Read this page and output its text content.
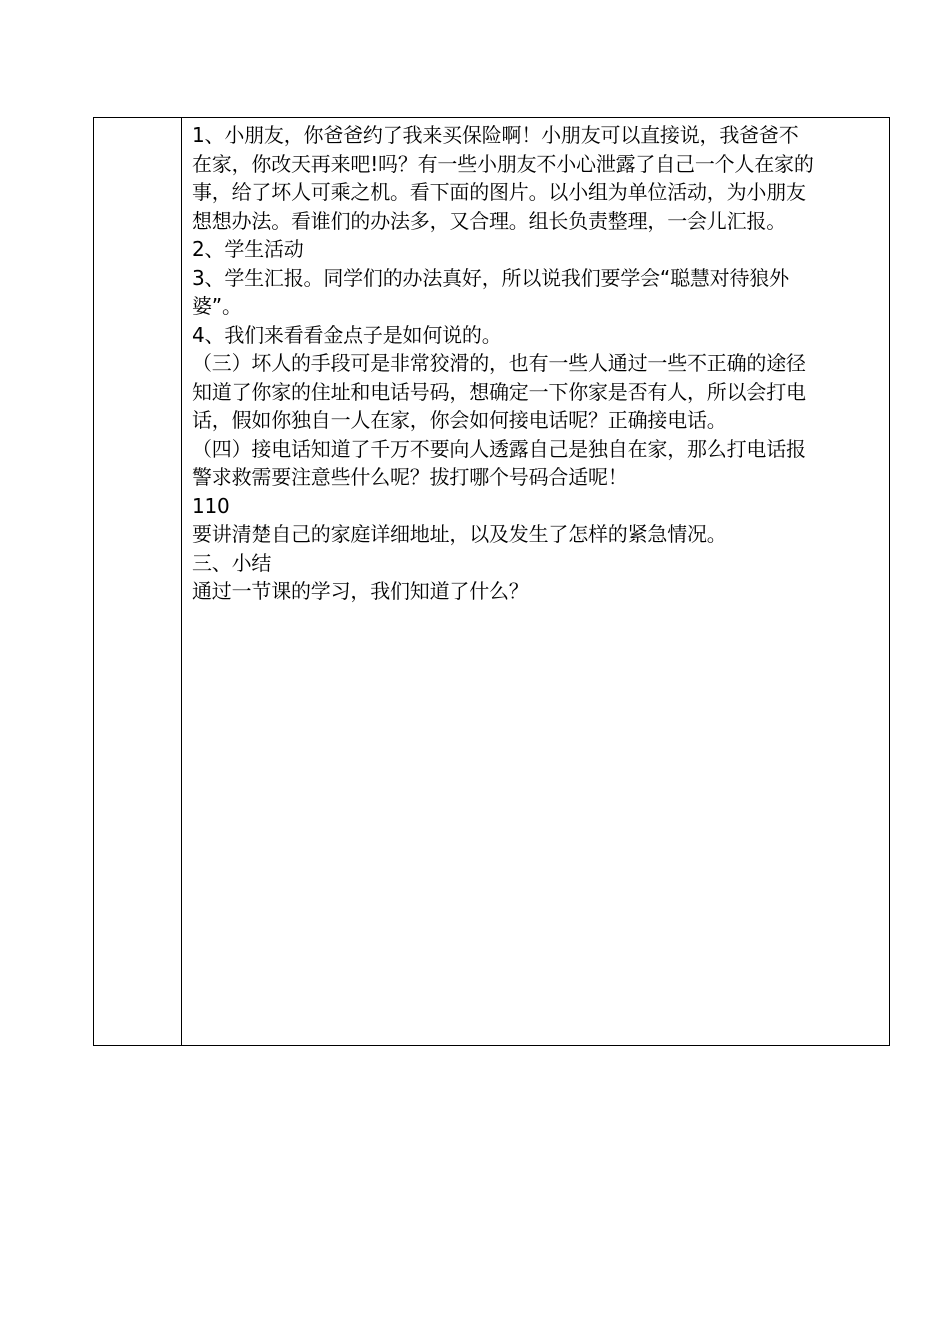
1、小朋友，你爸爸约了我来买保险啊！小朋友可以直接说，我爸爸不
在家，你改天再来吧!吗？有一些小朋友不小心泄露了自己一个人在家的
事，给了坏人可乘之机。看下面的图片。以小组为单位活动，为小朋友
想想办法。看谁们的办法多，又合理。组长负责整理，一会儿汇报。
2、学生活动
3、学生汇报。同学们的办法真好，所以说我们要学会“聪慧对待狼外
婆”。
4、我们来看看金点子是如何说的。
（三）坏人的手段可是非常狡滑的，也有一些人通过一些不正确的途径
知道了你家的住址和电话号码，想确定一下你家是否有人，所以会打电
话，假如你独自一人在家，你会如何接电话呢？正确接电话。
（四）接电话知道了千万不要向人透露自己是独自在家，那么打电话报
警求救需要注意些什么呢？拔打哪个号码合适呢！
110
要讲清楚自己的家庭详细地址，以及发生了怎样的紧急情况。
三、小结
通过一节课的学习，我们知道了什么？
